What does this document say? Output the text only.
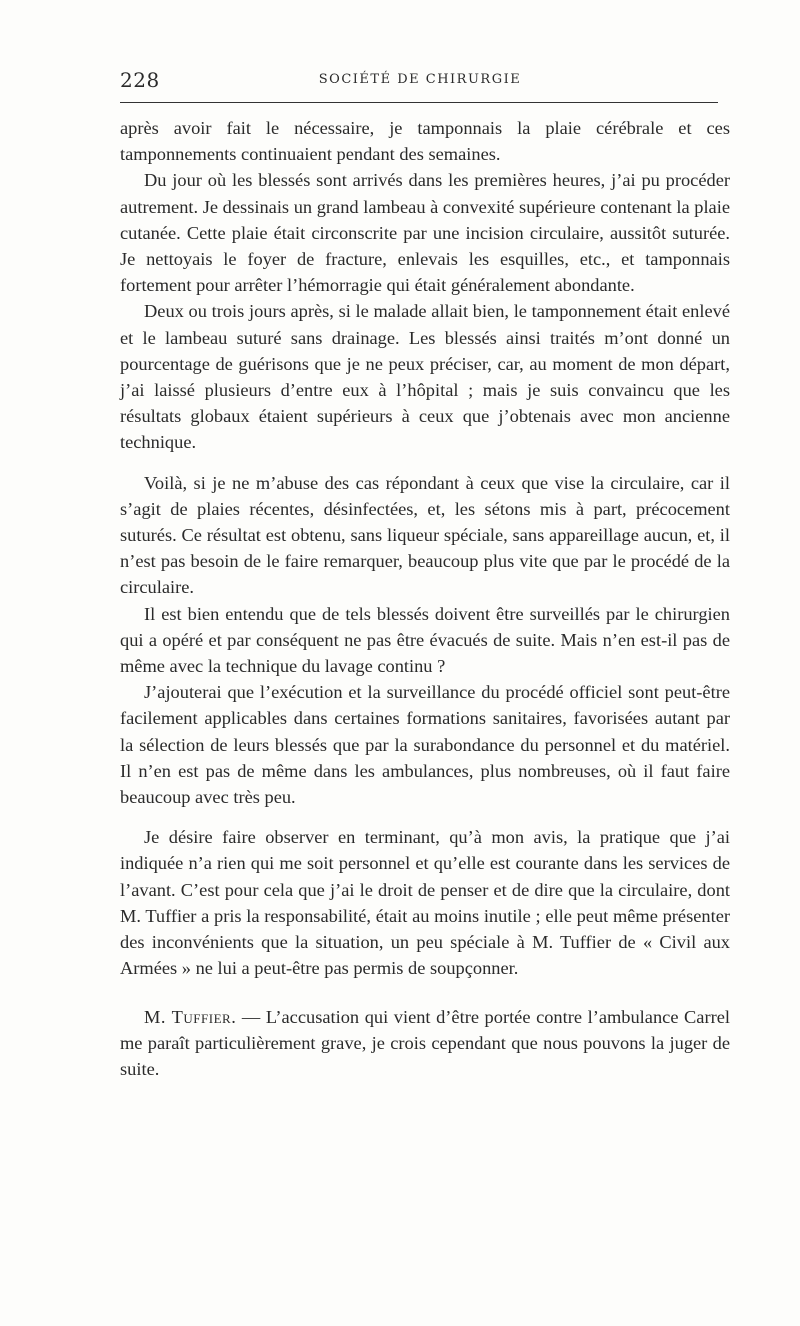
228	SOCIÉTÉ DE CHIRURGIE

après avoir fait le nécessaire, je tamponnais la plaie cérébrale et ces tamponnements continuaient pendant des semaines.

Du jour où les blessés sont arrivés dans les premières heures, j’ai pu procéder autrement. Je dessinais un grand lambeau à convexité supérieure contenant la plaie cutanée. Cette plaie était circonscrite par une incision circulaire, aussitôt suturée. Je nettoyais le foyer de fracture, enlevais les esquilles, etc., et tamponnais fortement pour arrêter l’hémorragie qui était généralement abondante.

Deux ou trois jours après, si le malade allait bien, le tamponnement était enlevé et le lambeau suturé sans drainage. Les blessés ainsi traités m’ont donné un pourcentage de guérisons que je ne peux préciser, car, au moment de mon départ, j’ai laissé plusieurs d’entre eux à l’hôpital ; mais je suis convaincu que les résultats globaux étaient supérieurs à ceux que j’obtenais avec mon ancienne technique.

Voilà, si je ne m’abuse des cas répondant à ceux que vise la circulaire, car il s’agit de plaies récentes, désinfectées, et, les sétons mis à part, précocement suturés. Ce résultat est obtenu, sans liqueur spéciale, sans appareillage aucun, et, il n’est pas besoin de le faire remarquer, beaucoup plus vite que par le procédé de la circulaire.

Il est bien entendu que de tels blessés doivent être surveillés par le chirurgien qui a opéré et par conséquent ne pas être évacués de suite. Mais n’en est-il pas de même avec la technique du lavage continu ?

J’ajouterai que l’exécution et la surveillance du procédé officiel sont peut-être facilement applicables dans certaines formations sanitaires, favorisées autant par la sélection de leurs blessés que par la surabondance du personnel et du matériel. Il n’en est pas de même dans les ambulances, plus nombreuses, où il faut faire beaucoup avec très peu.

Je désire faire observer en terminant, qu’à mon avis, la pratique que j’ai indiquée n’a rien qui me soit personnel et qu’elle est courante dans les services de l’avant. C’est pour cela que j’ai le droit de penser et de dire que la circulaire, dont M. Tuffier a pris la responsabilité, était au moins inutile ; elle peut même présenter des inconvénients que la situation, un peu spéciale à M. Tuffier de « Civil aux Armées » ne lui a peut-être pas permis de soupçonner.

M. Tuffier. — L’accusation qui vient d’être portée contre l’ambulance Carrel me paraît particulièrement grave, je crois cependant que nous pouvons la juger de suite.
